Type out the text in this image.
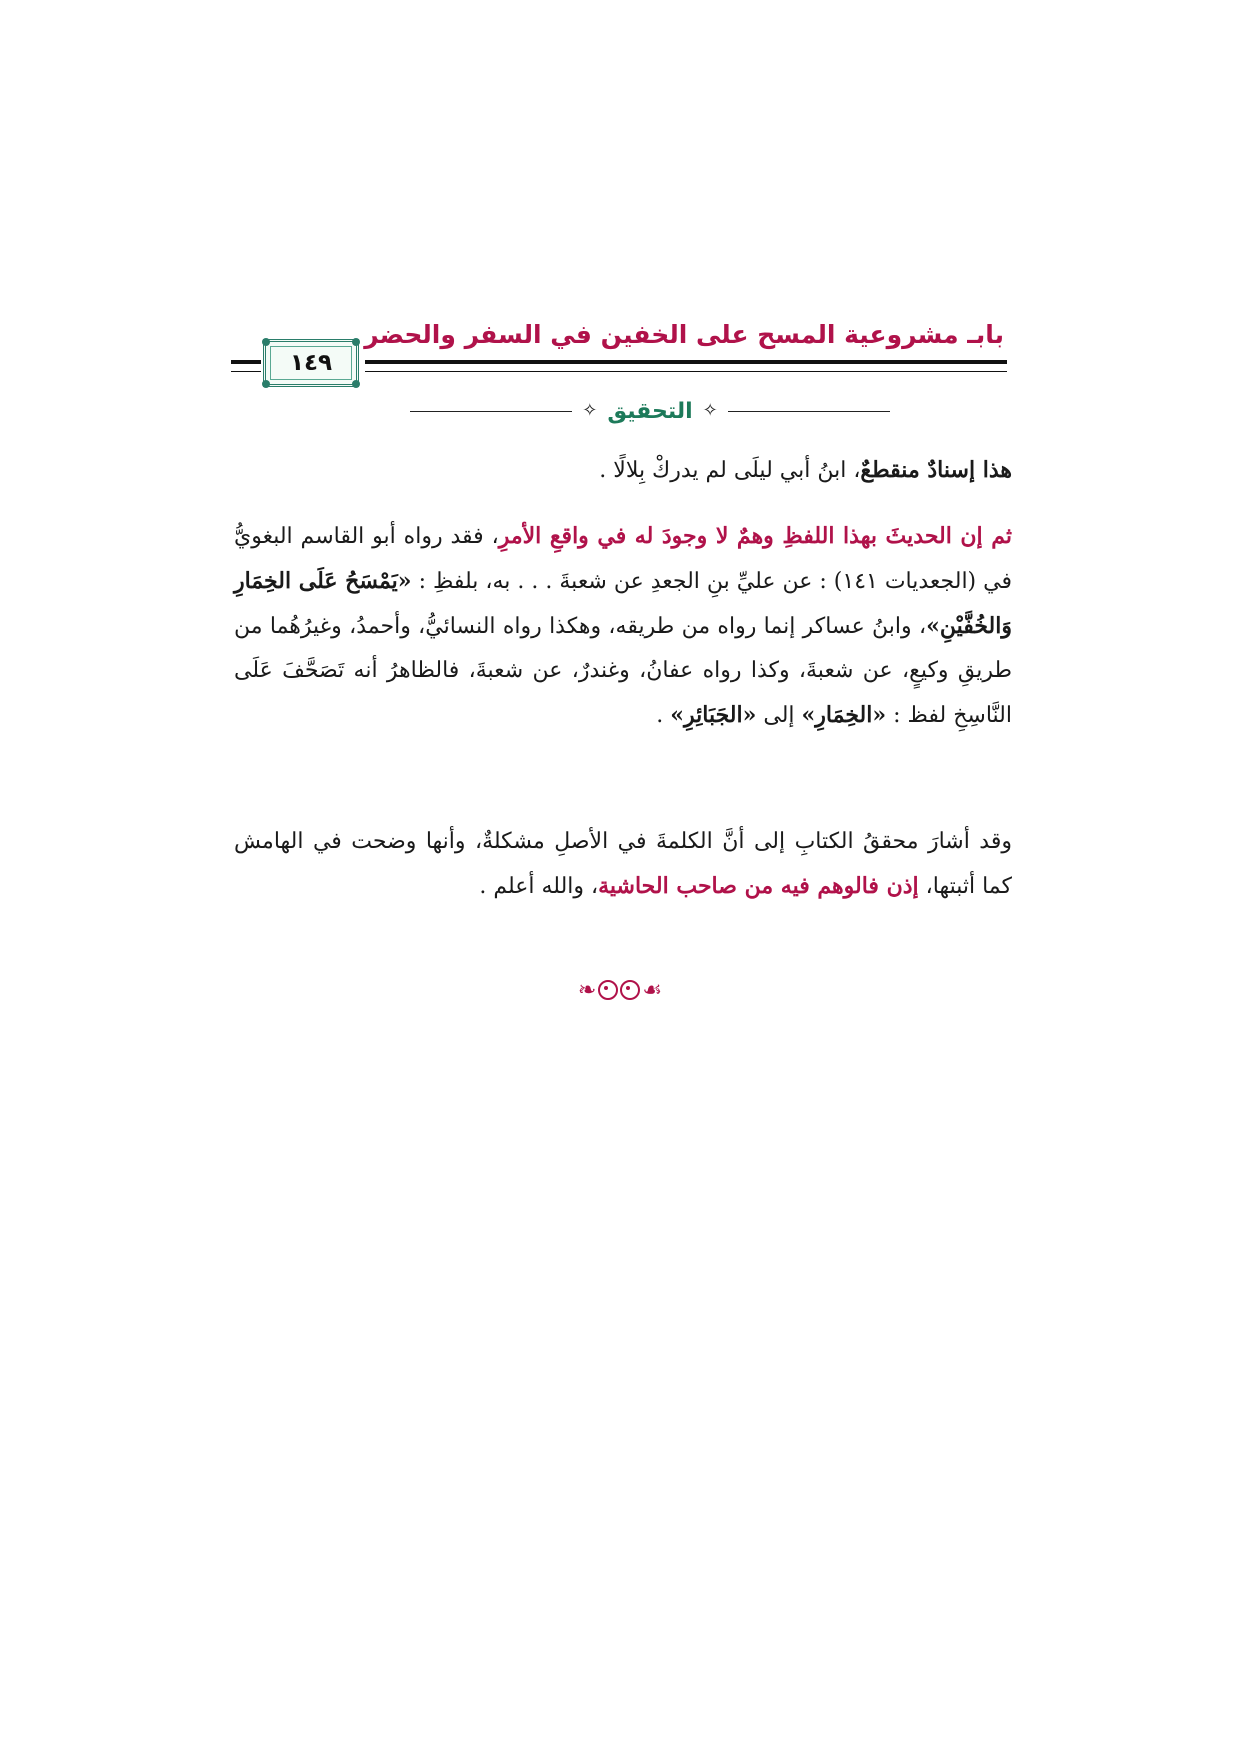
بابـ مشروعية المسح على الخفين في السفر والحضر
١٤٩
✧ التحقيق ✧
هذا إسنادٌ منقطعٌ، ابنُ أبي ليلَى لم يدركْ بِلالًا .
ثم إن الحديثَ بهذا اللفظِ وهمٌ لا وجودَ له في واقعِ الأمرِ، فقد رواه أبو القاسم البغويُّ في (الجعديات ١٤١) : عن عليِّ بنِ الجعدِ عن شعبةَ . . . به، بلفظِ : «يَمْسَحُ عَلَى الخِمَارِ وَالخُفَّيْنِ»، وابنُ عساكر إنما رواه من طريقه، وهكذا رواه النسائيُّ، وأحمدُ، وغيرُهُما من طريقِ وكيعٍ، عن شعبةَ، وكذا رواه عفانُ، وغندرٌ، عن شعبةَ، فالظاهرُ أنه تَصَحَّفَ عَلَى النَّاسِخِ لفظ : «الخِمَارِ» إلى «الجَبَائِرِ» .
وقد أشارَ محققُ الكتابِ إلى أنَّ الكلمةَ في الأصلِ مشكلةٌ، وأنها وضحت في الهامش كما أثبتها، إذن فالوهم فيه من صاحب الحاشية، والله أعلم .
❧ ☙
